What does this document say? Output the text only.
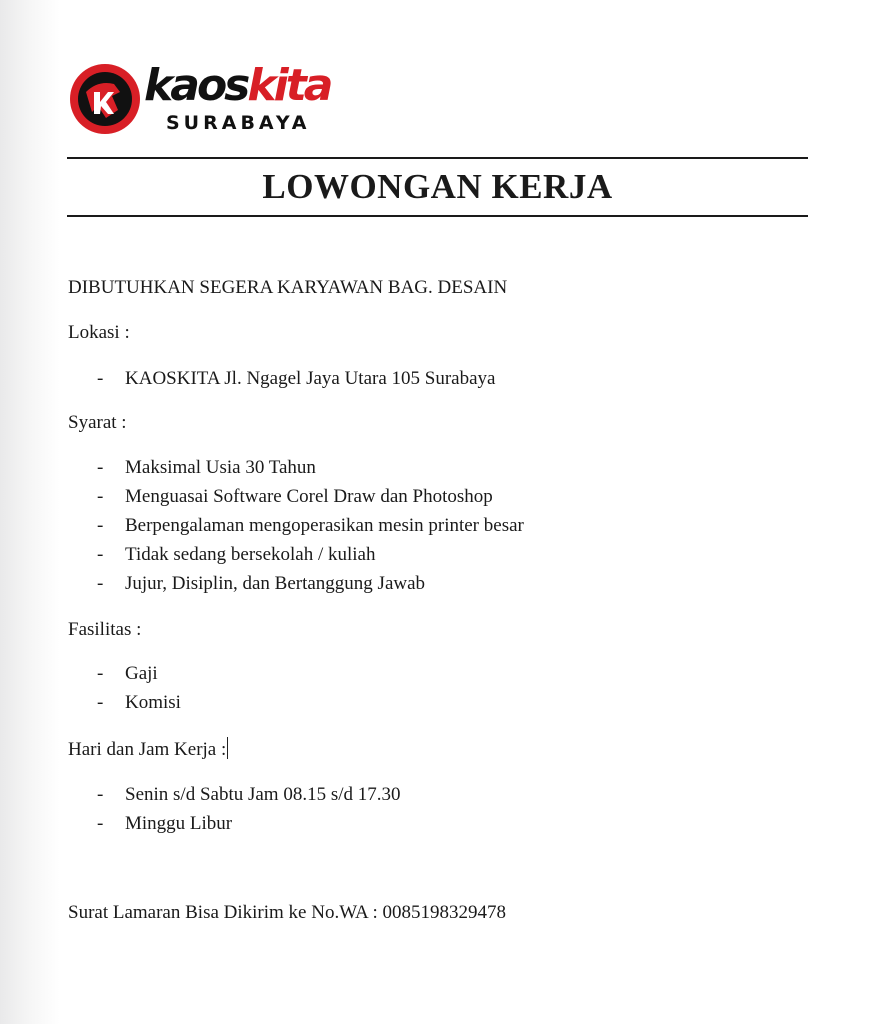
kaoskita
SURABAYA
LOWONGAN KERJA
DIBUTUHKAN SEGERA KARYAWAN BAG. DESAIN
Lokasi :
- KAOSKITA Jl. Ngagel Jaya Utara 105 Surabaya
Syarat :
- Maksimal Usia 30 Tahun
- Menguasai Software Corel Draw dan Photoshop
- Berpengalaman mengoperasikan mesin printer besar
- Tidak sedang bersekolah / kuliah
- Jujur, Disiplin, dan Bertanggung Jawab
Fasilitas :
- Gaji
- Komisi
Hari dan Jam Kerja :
- Senin s/d Sabtu Jam 08.15 s/d 17.30
- Minggu Libur
Surat Lamaran Bisa Dikirim ke No.WA : 0085198329478
